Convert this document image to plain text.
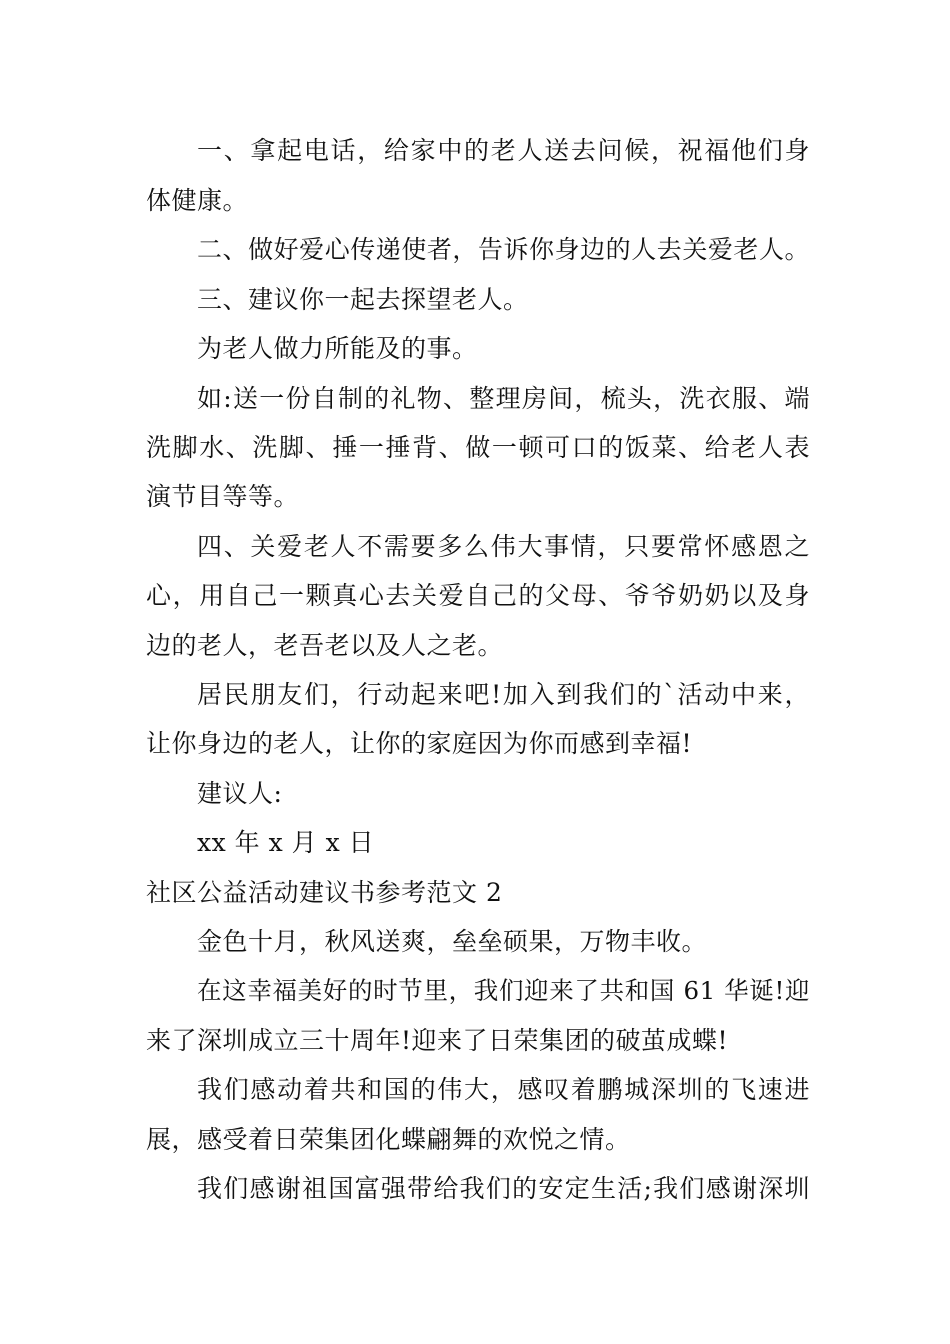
一、拿起电话，给家中的老人送去问候，祝福他们身
体健康。
二、做好爱心传递使者，告诉你身边的人去关爱老人。
三、建议你一起去探望老人。
为老人做力所能及的事。
如:送一份自制的礼物、整理房间，梳头，洗衣服、端
洗脚水、洗脚、捶一捶背、做一顿可口的饭菜、给老人表
演节目等等。
四、关爱老人不需要多么伟大事情，只要常怀感恩之
心，用自己一颗真心去关爱自己的父母、爷爷奶奶以及身
边的老人，老吾老以及人之老。
居民朋友们，行动起来吧!加入到我们的`活动中来，
让你身边的老人，让你的家庭因为你而感到幸福!
建议人:
xx 年 x 月 x 日
社区公益活动建议书参考范文 2
金色十月，秋风送爽，垒垒硕果，万物丰收。
在这幸福美好的时节里，我们迎来了共和国 61 华诞!迎
来了深圳成立三十周年!迎来了日荣集团的破茧成蝶!
我们感动着共和国的伟大，感叹着鹏城深圳的飞速进
展，感受着日荣集团化蝶翩舞的欢悦之情。
我们感谢祖国富强带给我们的安定生活;我们感谢深圳
